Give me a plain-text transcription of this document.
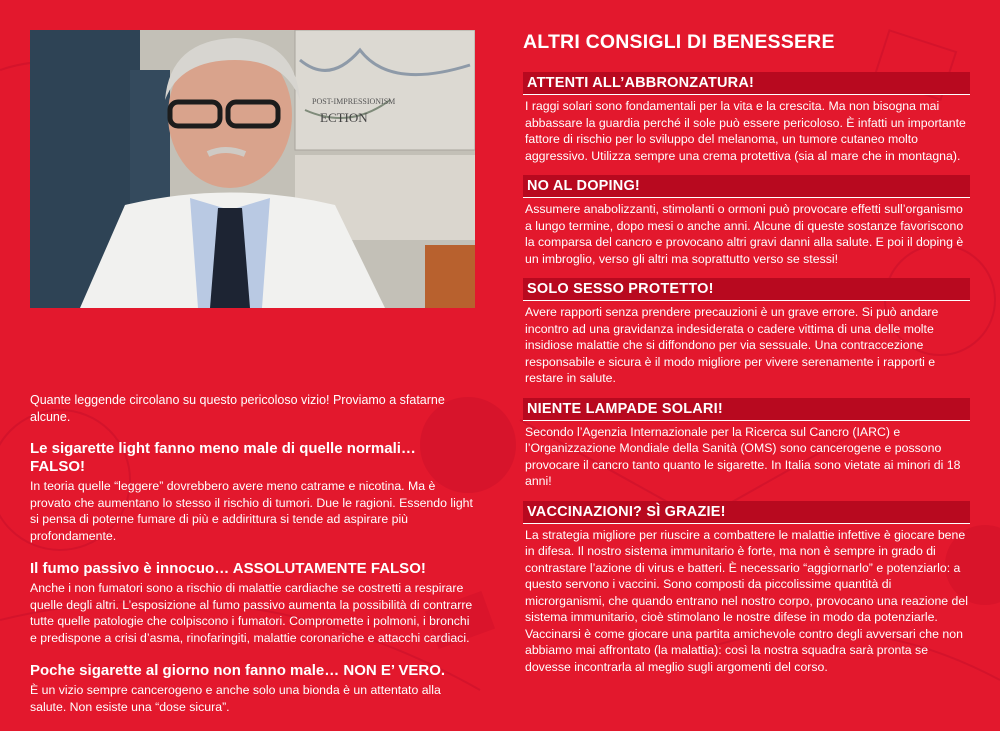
POST-IMPRESSIONISM
ECTION

Quante leggende circolano su questo pericoloso vizio! Proviamo a sfatarne alcune.

Le sigarette light fanno meno male di quelle normali… FALSO!

In teoria quelle “leggere” dovrebbero avere meno catrame e nicotina. Ma è provato che aumentano lo stesso il rischio di tumori. Due le ragioni. Essendo light si pensa di poterne fumare di più e addirittura si tende ad aspirare più profondamente.

Il fumo passivo è innocuo… ASSOLUTAMENTE FALSO!

Anche i non fumatori sono a rischio di malattie cardiache se costretti a respirare quelle degli altri. L’esposizione al fumo passivo aumenta la possibilità di contrarre tutte quelle patologie che colpiscono i fumatori. Compromette i polmoni, i bronchi e predispone a crisi d’asma, rinofaringiti, malattie coronariche e attacchi cardiaci.

Poche sigarette al giorno non fanno male… NON E’ VERO.

È un vizio sempre cancerogeno e anche solo una bionda è un attentato alla salute. Non esiste una “dose sicura”.

ALTRI CONSIGLI DI BENESSERE
ATTENTI ALL’ABBRONZATURA!

I raggi solari sono fondamentali per la vita e la crescita. Ma non bisogna mai abbassare la guardia perché il sole può essere pericoloso. È infatti un importante fattore di rischio per lo sviluppo del melanoma, un tumore cutaneo molto aggressivo. Utilizza sempre una crema protettiva (sia al mare che in montagna).

NO AL DOPING!

Assumere anabolizzanti, stimolanti o ormoni può provocare effetti sull’organismo a lungo termine, dopo mesi o anche anni. Alcune di queste sostanze favoriscono la comparsa del cancro e provocano altri gravi danni alla salute. E poi il doping è un imbroglio, verso gli altri ma soprattutto verso se stessi!

SOLO SESSO PROTETTO!

Avere rapporti senza prendere precauzioni è un grave errore. Si può andare incontro ad una gravidanza indesiderata o cadere vittima di una delle molte insidiose malattie che si diffondono per via sessuale. Una contraccezione responsabile e sicura è il modo migliore per vivere serenamente i rapporti e restare in salute.

NIENTE LAMPADE SOLARI!

Secondo l’Agenzia Internazionale per la Ricerca sul Cancro (IARC) e l’Organizzazione Mondiale della Sanità (OMS) sono cancerogene e possono provocare il cancro tanto quanto le sigarette. In Italia sono vietate ai minori di 18 anni!

VACCINAZIONI? SÌ GRAZIE!

La strategia migliore per riuscire a combattere le malattie infettive è giocare bene in difesa. Il nostro sistema immunitario è forte, ma non è sempre in grado di contrastare l’azione di virus e batteri. È necessario “aggiornarlo” e potenziarlo: a questo servono i vaccini. Sono composti da piccolissime quantità di microrganismi, che quando entrano nel nostro corpo, provocano una reazione del sistema immunitario, cioè stimolano le nostre difese in modo da potenziarle. Vaccinarsi è come giocare una partita amichevole contro degli avversari che non abbiamo mai affrontato (la malattia): così la nostra squadra sarà pronta se dovesse incontrarla al meglio sugli argomenti del corso.
